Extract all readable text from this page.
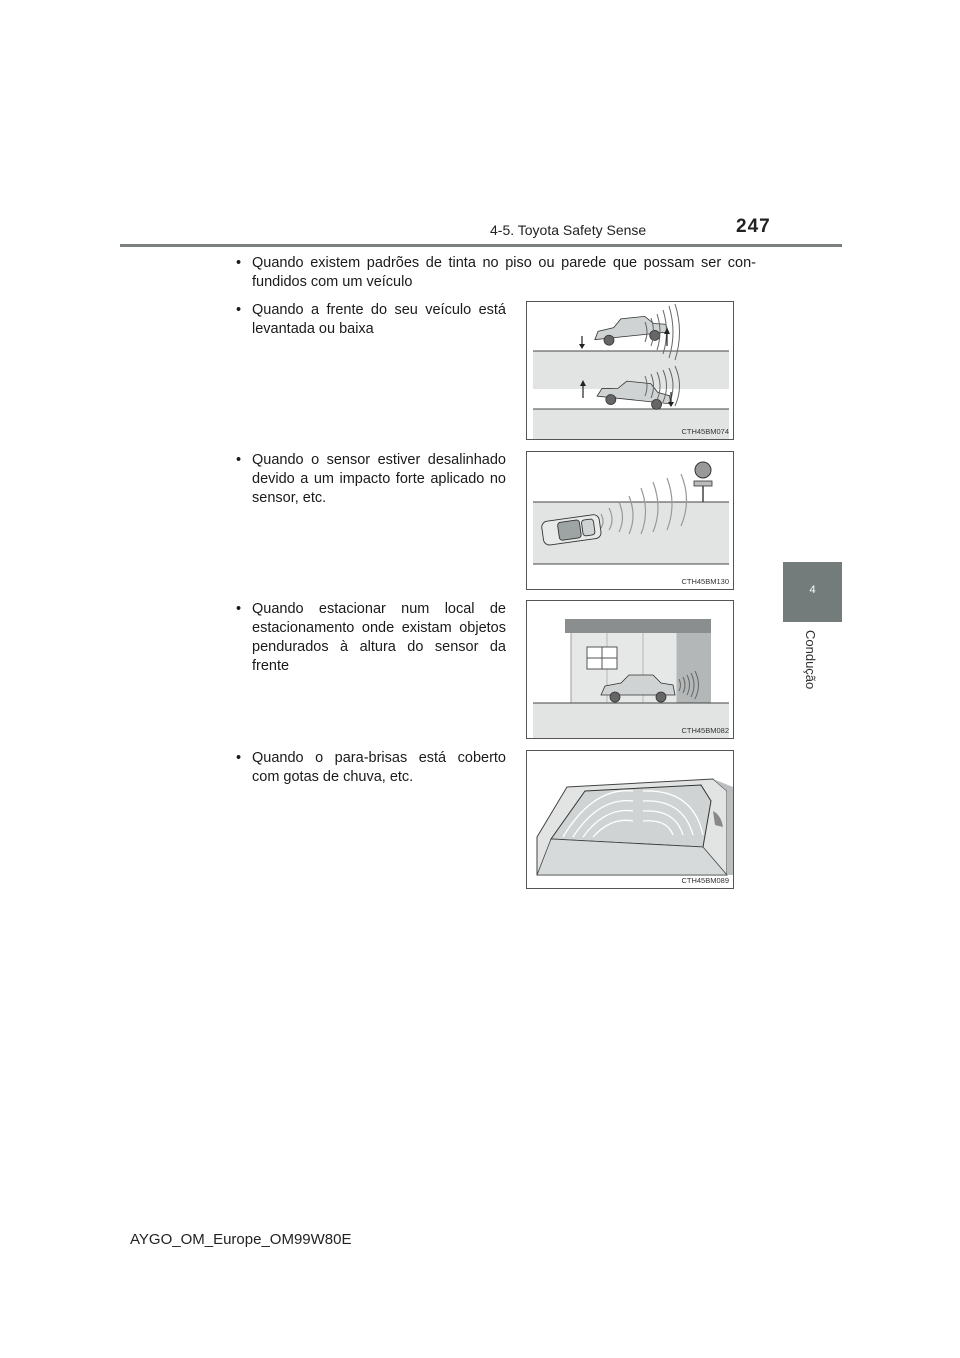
4-5. Toyota Safety Sense	247
4
Condução
• Quando existem padrões de tinta no piso ou parede que possam ser con-fundidos com um veículo
• Quando a frente do seu veículo está levantada ou baixa
CTH45BM074
• Quando o sensor estiver desalinhado devido a um impacto forte aplicado no sensor, etc.
CTH45BM130
• Quando estacionar num local de estacionamento onde existam objetos pendurados à altura do sensor da frente
CTH45BM082
• Quando o para-brisas está coberto com gotas de chuva, etc.
CTH45BM089
AYGO_OM_Europe_OM99W80E
